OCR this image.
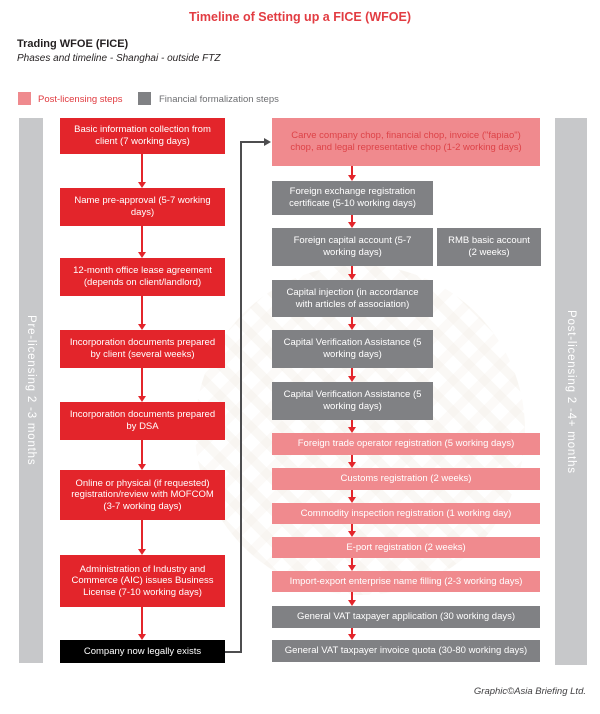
Timeline of Setting up a FICE (WFOE)
Trading WFOE (FICE)
Phases and timeline - Shanghai - outside FTZ
Post-licensing steps	Financial formalization steps
Pre-licensing 2 -3 months	Post-licensing 2 -4+ months
Basic information collection from client (7 working days)
Name pre-approval (5-7 working days)
12-month office lease agreement (depends on client/landlord)
Incorporation documents prepared by client (several weeks)
Incorporation documents prepared by DSA
Online or physical (if requested) registration/review with MOFCOM (3-7 working days)
Administration of Industry and Commerce (AIC) issues Business License (7-10 working days)
Company now legally exists
Carve company chop, financial chop, invoice ("fapiao") chop, and legal representative chop (1-2 working days)
Foreign exchange registration certificate (5-10 working days)
Foreign capital account (5-7 working days)
RMB basic account (2 weeks)
Capital injection (in accordance with articles of association)
Capital Verification Assistance (5 working days)
Capital Verification Assistance (5 working days)
Foreign trade operator registration (5 working days)
Customs registration (2 weeks)
Commodity inspection registration (1 working day)
E-port registration (2 weeks)
Import-export enterprise name filling (2-3 working days)
General VAT taxpayer application (30 working days)
General VAT taxpayer invoice quota (30-80 working days)
Graphic©Asia Briefing Ltd.
